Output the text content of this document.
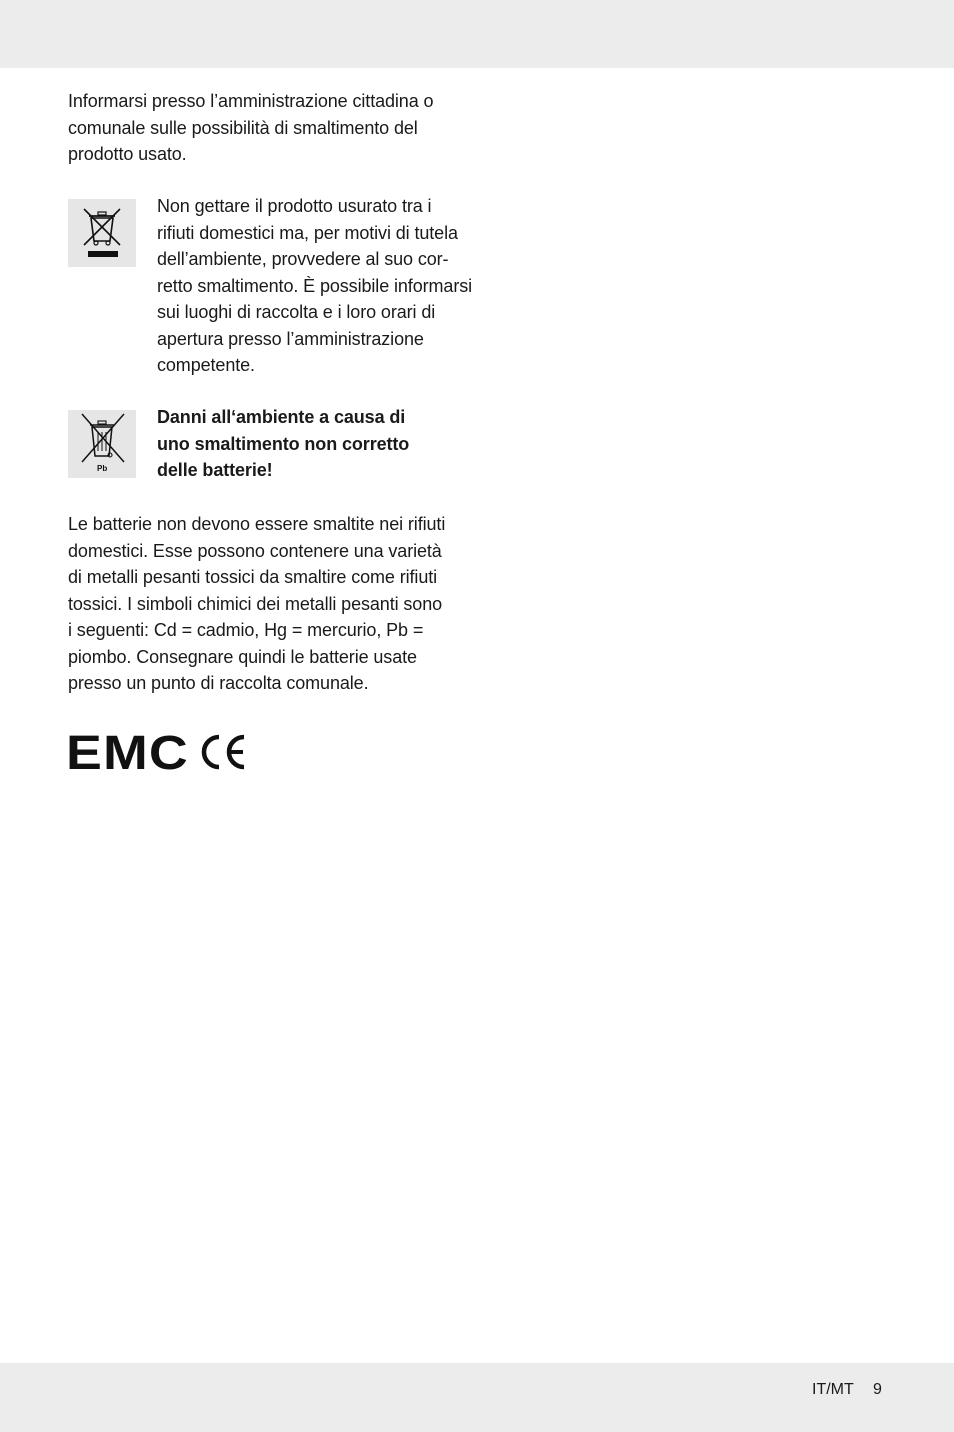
Informarsi presso l’amministrazione cittadina o

comunale sulle possibilità di smaltimento del

prodotto usato.

Non gettare il prodotto usurato tra i

rifiuti domestici ma, per motivi di tutela

dell’ambiente, provvedere al suo cor-

retto smaltimento. È possibile informarsi

sui luoghi di raccolta e i loro orari di

apertura presso l’amministrazione

competente.

Pb

Danni all‘ambiente a causa di

uno smaltimento non corretto

delle batterie!

Le batterie non devono essere smaltite nei rifiuti

domestici. Esse possono contenere una varietà

di metalli pesanti tossici da smaltire come rifiuti

tossici. I simboli chimici dei metalli pesanti sono

i seguenti: Cd = cadmio, Hg = mercurio, Pb =

piombo. Consegnare quindi le batterie usate

presso un punto di raccolta comunale.

EMC
IT/MT 9
